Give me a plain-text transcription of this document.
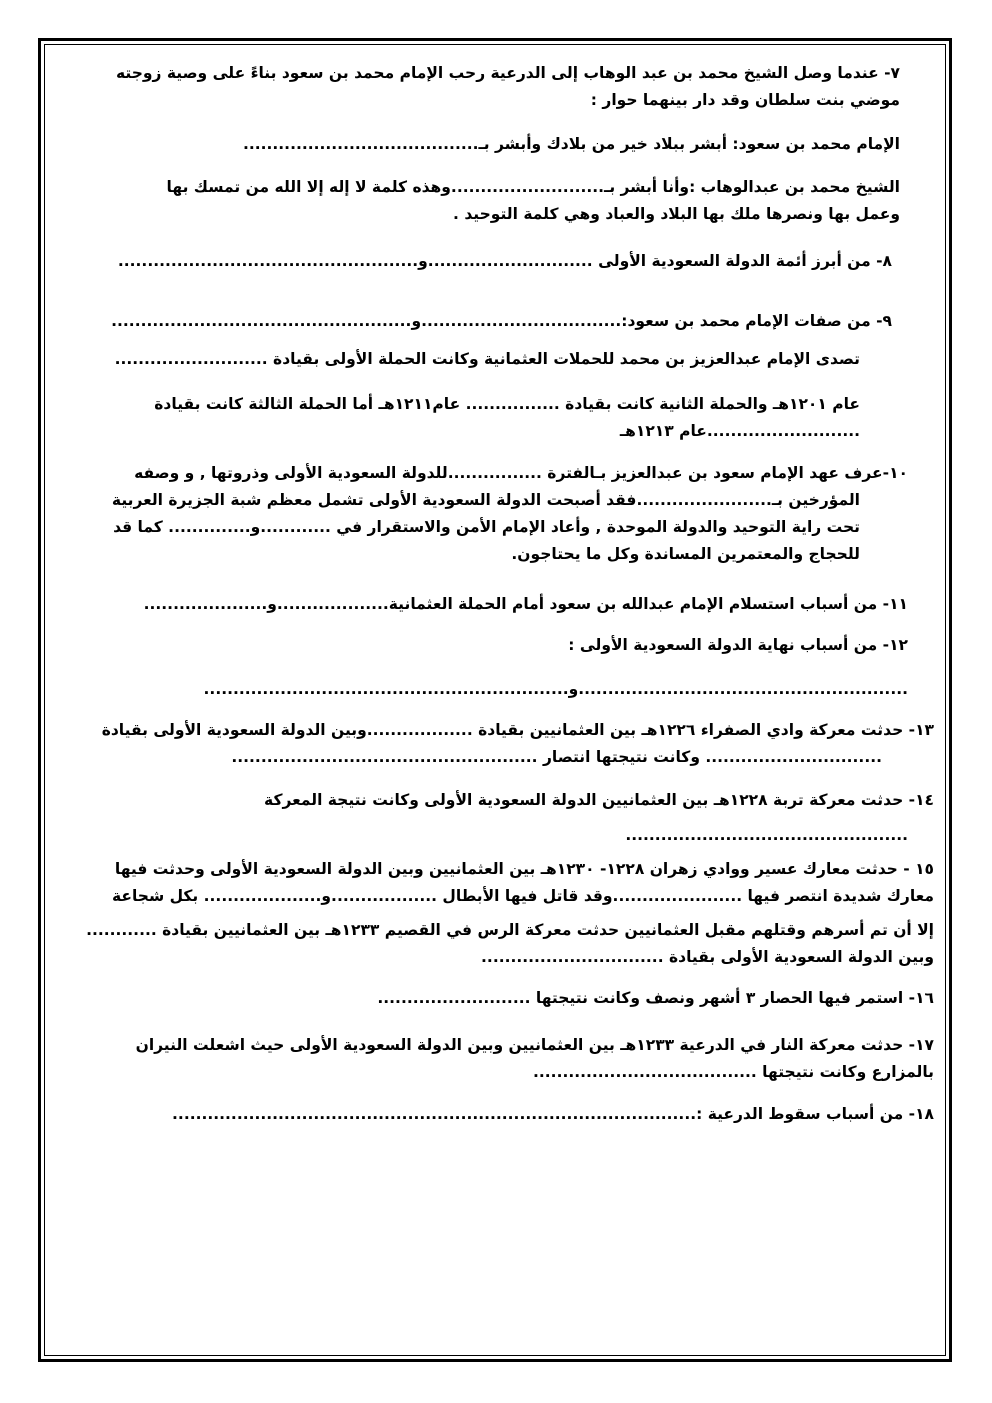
٧- عندما وصل الشيخ محمد بن عبد الوهاب إلى الدرعية رحب الإمام محمد بن سعود بناءً على وصية زوجته
موضي بنت سلطان وقد دار بينهما حوار :
الإمام محمد بن سعود: أبشر ببلاد خير من بلادك وأبشر بـ........................................
الشيخ محمد بن عبدالوهاب :وأنا أبشر بـ..........................وهذه كلمة لا إله إلا الله من تمسك بها
وعمل بها ونصرها ملك بها البلاد والعباد وهي كلمة التوحيد .
٨- من أبرز أئمة الدولة السعودية الأولى ............................و...................................................
٩- من صفات الإمام محمد بن سعود:..................................و...................................................
تصدى الإمام عبدالعزيز بن محمد للحملات العثمانية وكانت الحملة الأولى بقيادة ..........................
عام ١٢٠١هـ والحملة الثانية كانت بقيادة ................ عام١٢١١هـ أما الحملة الثالثة كانت بقيادة
..........................عام ١٢١٣هـ
١٠-عرف عهد الإمام سعود بن عبدالعزيز بـالفترة ................للدولة السعودية الأولى وذروتها , و وصفه
المؤرخين بـ.......................فقد أصبحت الدولة السعودية الأولى تشمل معظم شبة الجزيرة العربية
تحت راية التوحيد والدولة الموحدة , وأعاد الإمام الأمن والاستقرار في ............و.............. كما قد
للحجاج والمعتمرين المساندة وكل ما يحتاجون.
١١- من أسباب استسلام الإمام عبدالله بن سعود أمام الحملة العثمانية...................و.....................
١٢- من أسباب نهاية الدولة السعودية الأولى :
........................................................و..............................................................
١٣- حدثت معركة وادي الصفراء ١٢٢٦هـ بين العثمانيين بقيادة ..................وبين الدولة السعودية الأولى بقيادة
.............................. وكانت نتيجتها انتصار ....................................................
١٤- حدثت معركة تربة ١٢٢٨هـ بين العثمانيين الدولة السعودية الأولى وكانت نتيجة المعركة
................................................
١٥ - حدثت معارك عسير ووادي زهران ١٢٢٨- ١٢٣٠هـ بين العثمانيين وبين الدولة السعودية الأولى وحدثت فيها
معارك شديدة انتصر فيها ......................وقد قاتل فيها الأبطال ..................و.................... بكل شجاعة
إلا أن تم أسرهم وقتلهم مقبل العثمانيين حدثت معركة الرس في القصيم ١٢٣٣هـ بين العثمانيين بقيادة ............
وبين الدولة السعودية الأولى بقيادة ...............................
١٦- استمر فيها الحصار ٣ أشهر ونصف وكانت نتيجتها ..........................
١٧- حدثت معركة النار في الدرعية ١٢٣٣هـ بين العثمانيين وبين الدولة السعودية الأولى حيث اشعلت النيران
بالمزارع وكانت نتيجتها ......................................
١٨- من أسباب سقوط الدرعية :.........................................................................................
